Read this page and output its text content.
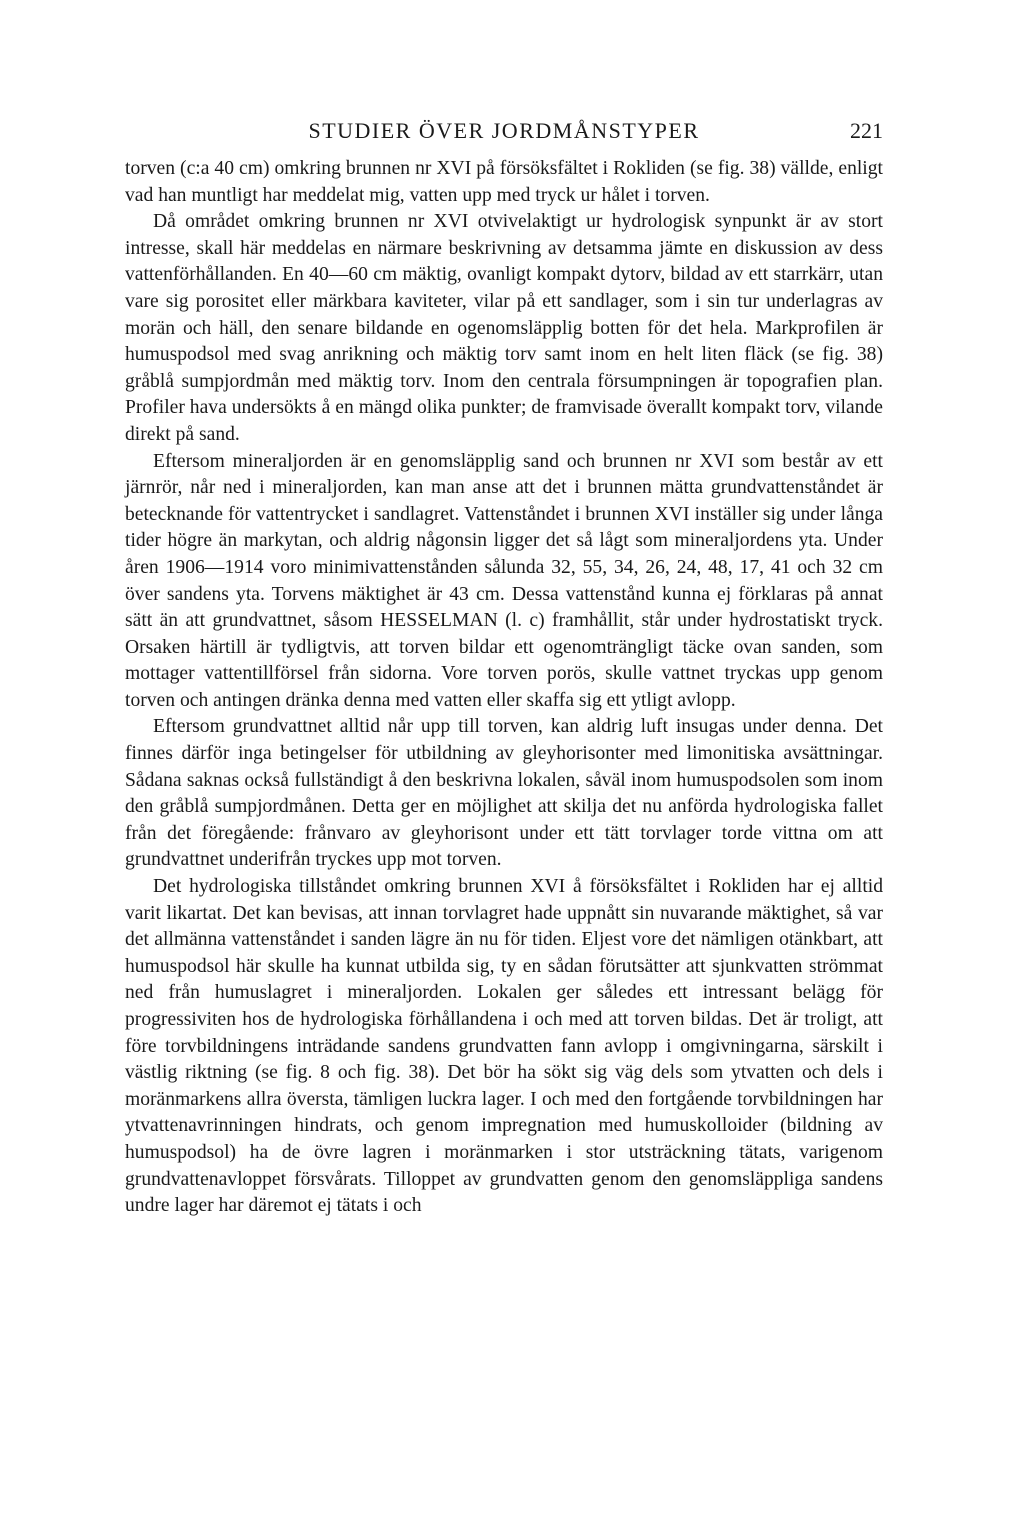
STUDIER ÖVER JORDMÅNSTYPER	221

torven (c:a 40 cm) omkring brunnen nr XVI på försöksfältet i Rokliden (se fig. 38) vällde, enligt vad han muntligt har meddelat mig, vatten upp med tryck ur hålet i torven.

Då området omkring brunnen nr XVI otvivelaktigt ur hydrologisk synpunkt är av stort intresse, skall här meddelas en närmare beskrivning av detsamma jämte en diskussion av dess vattenförhållanden. En 40—60 cm mäktig, ovanligt kompakt dytorv, bildad av ett starrkärr, utan vare sig porositet eller märkbara kaviteter, vilar på ett sandlager, som i sin tur underlagras av morän och häll, den senare bildande en ogenomsläpplig botten för det hela. Markprofilen är humuspodsol med svag anrikning och mäktig torv samt inom en helt liten fläck (se fig. 38) gråblå sumpjordmån med mäktig torv. Inom den centrala försumpningen är topografien plan. Profiler hava undersökts å en mängd olika punkter; de framvisade överallt kompakt torv, vilande direkt på sand.

Eftersom mineraljorden är en genomsläpplig sand och brunnen nr XVI som består av ett järnrör, når ned i mineraljorden, kan man anse att det i brunnen mätta grundvattenståndet är betecknande för vattentrycket i sandlagret. Vattenståndet i brunnen XVI inställer sig under långa tider högre än markytan, och aldrig någonsin ligger det så lågt som mineraljordens yta. Under åren 1906—1914 voro minimivattenstånden sålunda 32, 55, 34, 26, 24, 48, 17, 41 och 32 cm över sandens yta. Torvens mäktighet är 43 cm. Dessa vattenstånd kunna ej förklaras på annat sätt än att grundvattnet, såsom HESSELMAN (l. c) framhållit, står under hydrostatiskt tryck. Orsaken härtill är tydligtvis, att torven bildar ett ogenomträngligt täcke ovan sanden, som mottager vattentillförsel från sidorna. Vore torven porös, skulle vattnet tryckas upp genom torven och antingen dränka denna med vatten eller skaffa sig ett ytligt avlopp.

Eftersom grundvattnet alltid når upp till torven, kan aldrig luft insugas under denna. Det finnes därför inga betingelser för utbildning av gleyhorisonter med limonitiska avsättningar. Sådana saknas också fullständigt å den beskrivna lokalen, såväl inom humuspodsolen som inom den gråblå sumpjordmånen. Detta ger en möjlighet att skilja det nu anförda hydrologiska fallet från det föregående: frånvaro av gleyhorisont under ett tätt torvlager torde vittna om att grundvattnet underifrån tryckes upp mot torven.

Det hydrologiska tillståndet omkring brunnen XVI å försöksfältet i Rokliden har ej alltid varit likartat. Det kan bevisas, att innan torvlagret hade uppnått sin nuvarande mäktighet, så var det allmänna vattenståndet i sanden lägre än nu för tiden. Eljest vore det nämligen otänkbart, att humuspodsol här skulle ha kunnat utbilda sig, ty en sådan förutsätter att sjunkvatten strömmat ned från humuslagret i mineraljorden. Lokalen ger således ett intressant belägg för progressiviten hos de hydrologiska förhållandena i och med att torven bildas. Det är troligt, att före torvbildningens inträdande sandens grundvatten fann avlopp i omgivningarna, särskilt i västlig riktning (se fig. 8 och fig. 38). Det bör ha sökt sig väg dels som ytvatten och dels i moränmarkens allra översta, tämligen luckra lager. I och med den fortgående torvbildningen har ytvattenavrinningen hindrats, och genom impregnation med humuskolloider (bildning av humuspodsol) ha de övre lagren i moränmarken i stor utsträckning tätats, varigenom grundvattenavloppet försvårats. Tilloppet av grundvatten genom den genomsläppliga sandens undre lager har däremot ej tätats i och
